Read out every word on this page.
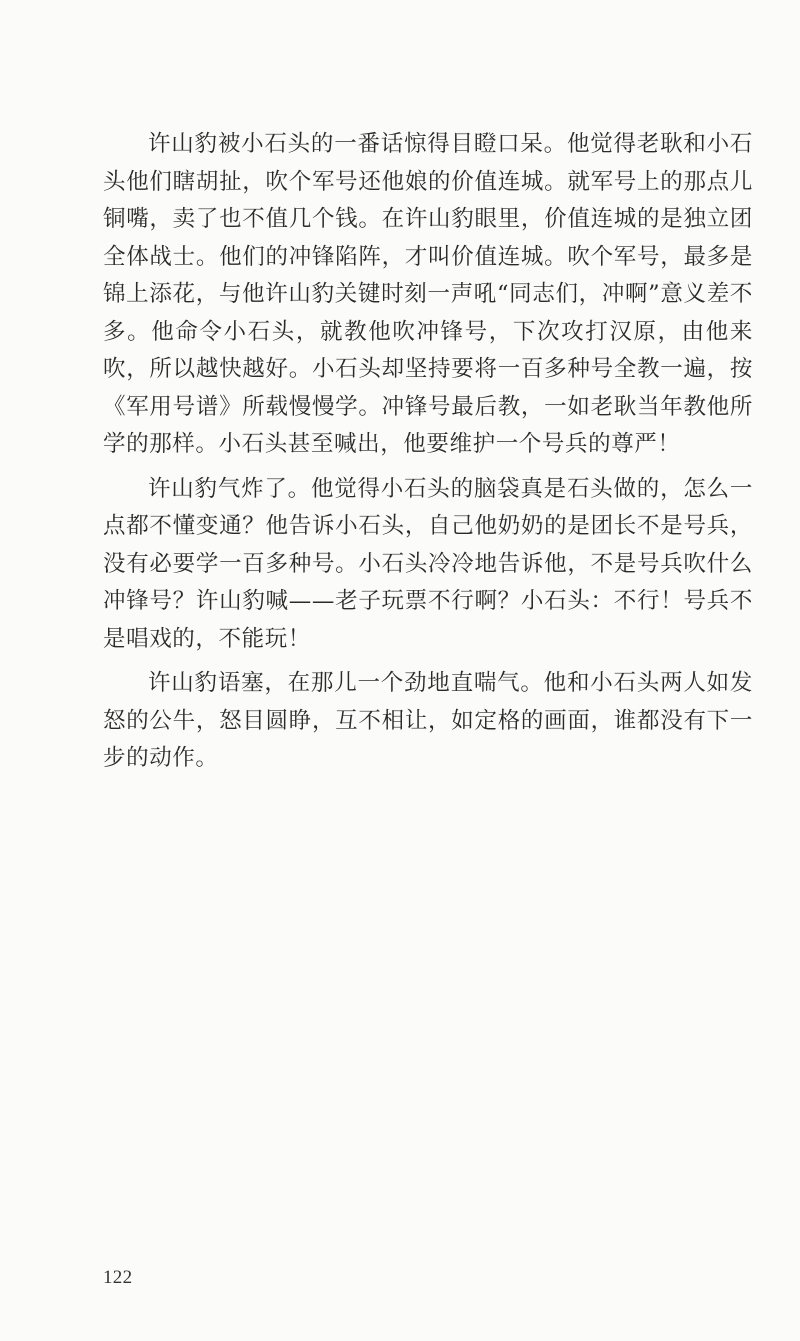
许山豹被小石头的一番话惊得目瞪口呆。他觉得老耿和小石头他们瞎胡扯，吹个军号还他娘的价值连城。就军号上的那点儿铜嘴，卖了也不值几个钱。在许山豹眼里，价值连城的是独立团全体战士。他们的冲锋陷阵，才叫价值连城。吹个军号，最多是锦上添花，与他许山豹关键时刻一声吼“同志们，冲啊”意义差不多。他命令小石头，就教他吹冲锋号，下次攻打汉原，由他来吹，所以越快越好。小石头却坚持要将一百多种号全教一遍，按《军用号谱》所载慢慢学。冲锋号最后教，一如老耿当年教他所学的那样。小石头甚至喊出，他要维护一个号兵的尊严！

许山豹气炸了。他觉得小石头的脑袋真是石头做的，怎么一点都不懂变通？他告诉小石头，自己他奶奶的是团长不是号兵，没有必要学一百多种号。小石头冷冷地告诉他，不是号兵吹什么冲锋号？许山豹喊——老子玩票不行啊？小石头：不行！号兵不是唱戏的，不能玩！

许山豹语塞，在那儿一个劲地直喘气。他和小石头两人如发怒的公牛，怒目圆睁，互不相让，如定格的画面，谁都没有下一步的动作。

122
